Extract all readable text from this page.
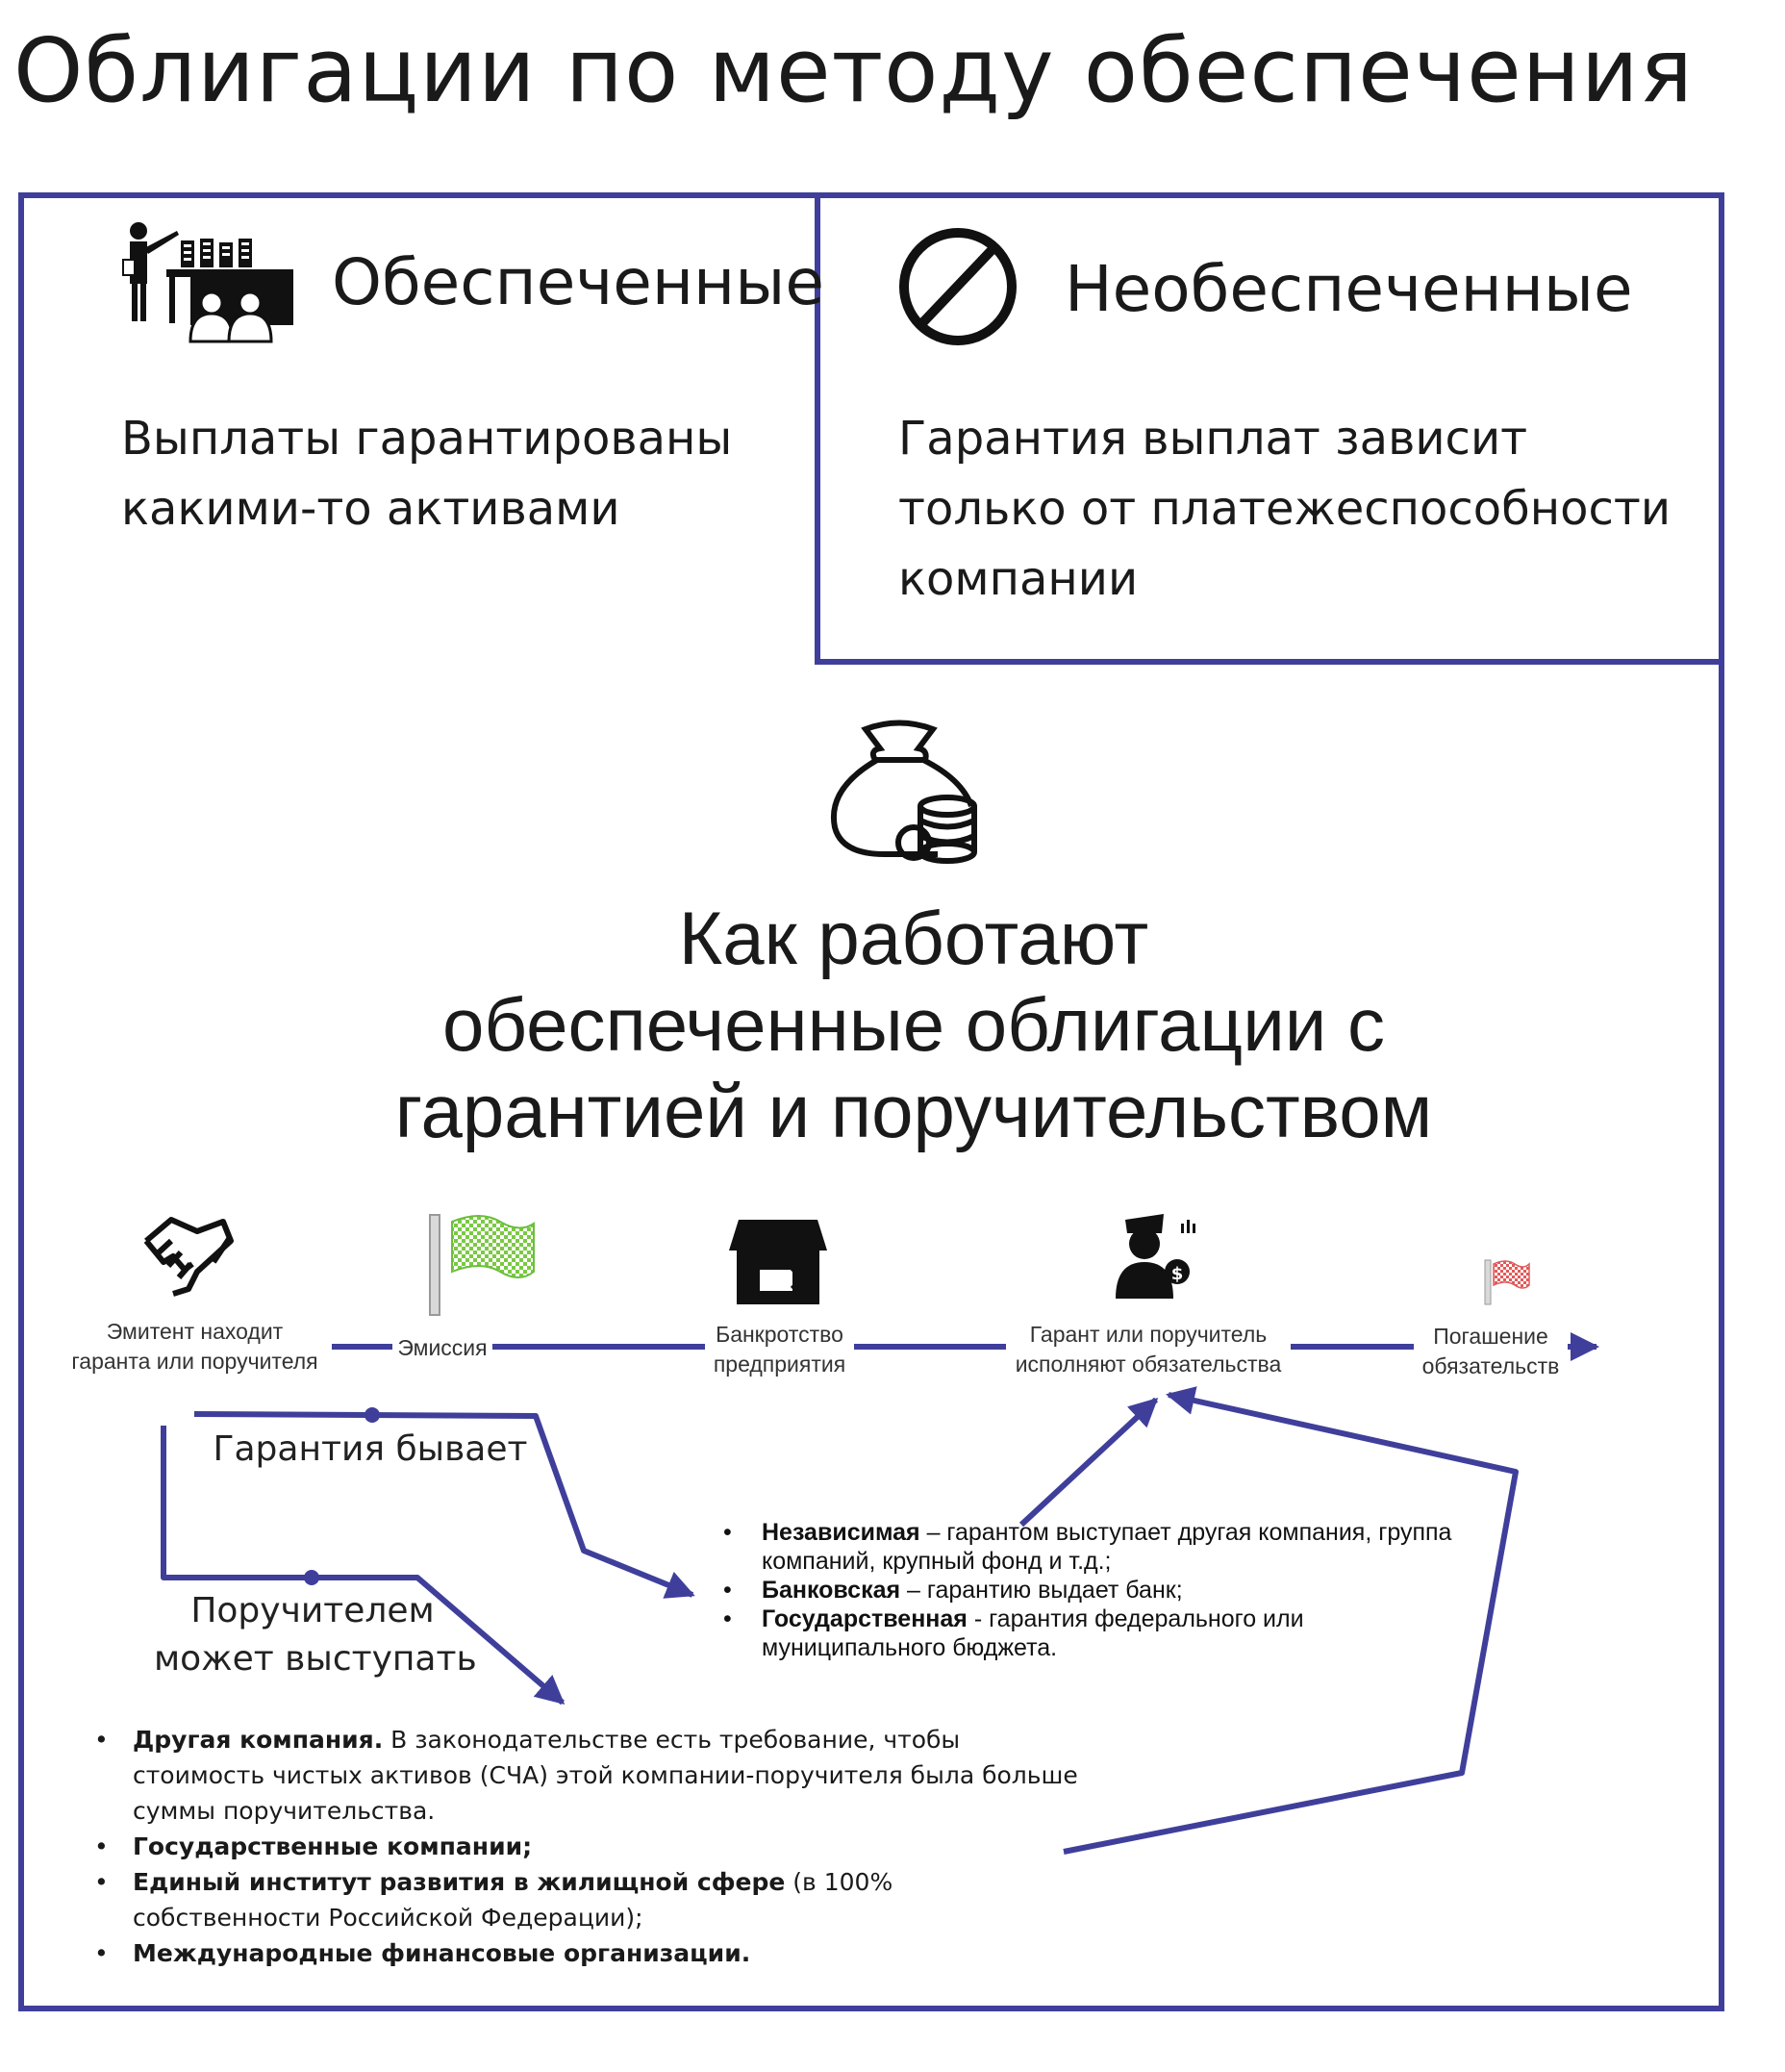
Облигации по методу обеспечения
$
Обеспеченные
Выплаты гарантированы какими-то активами
Необеспеченные
Гарантия выплат зависит
только от платежеспособности
компании
Как работают
обеспеченные облигации с
гарантией и поручительством
Эмитент находит
гаранта или поручителя
Эмиссия
Банкротство
предприятия
Гарант или поручитель
исполняют обязательства
Погашение
обязательств
Гарантия бывает
Поручителем
может выступать
• Независимая – гарантом выступает другая компания, группа компаний, крупный фонд и т.д.;
• Банковская – гарантию выдает банк;
• Государственная - гарантия федерального или муниципального бюджета.
• Другая компания. В законодательстве есть требование, чтобы стоимость чистых активов (СЧА) этой компании-поручителя была больше суммы поручительства.
• Государственные компании;
• Единый институт развития в жилищной сфере (в 100% собственности Российской Федерации);
• Международные финансовые организации.
